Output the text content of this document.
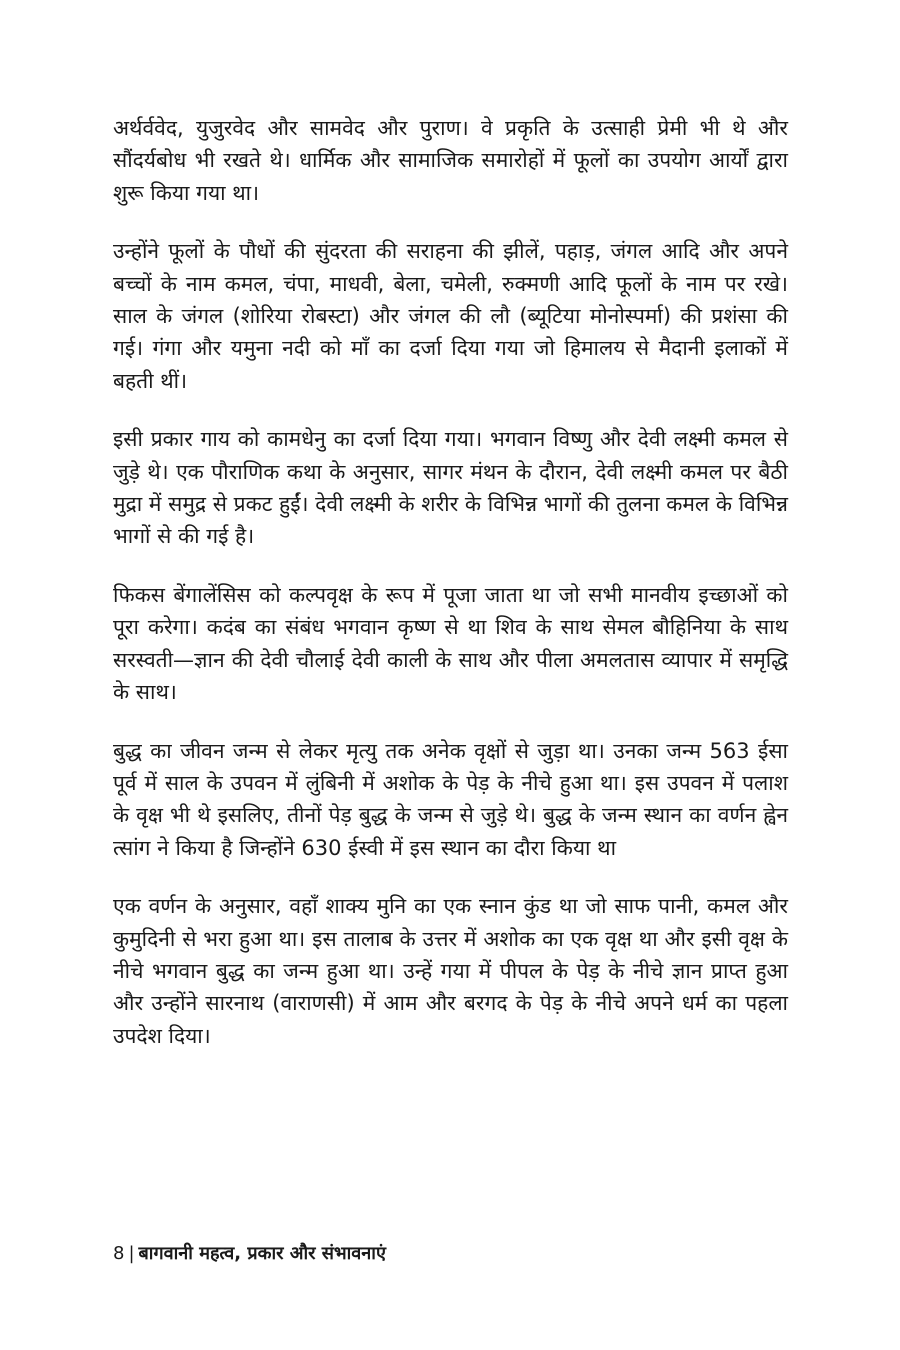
अर्थर्ववेद, युजुरवेद और सामवेद और पुराण। वे प्रकृति के उत्साही प्रेमी भी थे और सौंदर्यबोध भी रखते थे। धार्मिक और सामाजिक समारोहों में फूलों का उपयोग आर्यों द्वारा शुरू किया गया था।

उन्होंने फूलों के पौधों की सुंदरता की सराहना की झीलें, पहाड़, जंगल आदि और अपने बच्चों के नाम कमल, चंपा, माधवी, बेला, चमेली, रुक्मणी आदि फूलों के नाम पर रखे। साल के जंगल (शोरिया रोबस्टा) और जंगल की लौ (ब्यूटिया मोनोस्पर्मा) की प्रशंसा की गई। गंगा और यमुना नदी को माँ का दर्जा दिया गया जो हिमालय से मैदानी इलाकों में बहती थीं।

इसी प्रकार गाय को कामधेनु का दर्जा दिया गया। भगवान विष्णु और देवी लक्ष्मी कमल से जुड़े थे। एक पौराणिक कथा के अनुसार, सागर मंथन के दौरान, देवी लक्ष्मी कमल पर बैठी मुद्रा में समुद्र से प्रकट हुईं। देवी लक्ष्मी के शरीर के विभिन्न भागों की तुलना कमल के विभिन्न भागों से की गई है।

फिकस बेंगालेंसिस को कल्पवृक्ष के रूप में पूजा जाता था जो सभी मानवीय इच्छाओं को पूरा करेगा। कदंब का संबंध भगवान कृष्ण से था शिव के साथ सेमल बौहिनिया के साथ सरस्वती—ज्ञान की देवी चौलाई देवी काली के साथ और पीला अमलतास व्यापार में समृद्धि के साथ।

बुद्ध का जीवन जन्म से लेकर मृत्यु तक अनेक वृक्षों से जुड़ा था। उनका जन्म 563 ईसा पूर्व में साल के उपवन में लुंबिनी में अशोक के पेड़ के नीचे हुआ था। इस उपवन में पलाश के वृक्ष भी थे इसलिए, तीनों पेड़ बुद्ध के जन्म से जुड़े थे। बुद्ध के जन्म स्थान का वर्णन ह्वेन त्सांग ने किया है जिन्होंने 630 ईस्वी में इस स्थान का दौरा किया था

एक वर्णन के अनुसार, वहाँ शाक्य मुनि का एक स्नान कुंड था जो साफ पानी, कमल और कुमुदिनी से भरा हुआ था। इस तालाब के उत्तर में अशोक का एक वृक्ष था और इसी वृक्ष के नीचे भगवान बुद्ध का जन्म हुआ था। उन्हें गया में पीपल के पेड़ के नीचे ज्ञान प्राप्त हुआ और उन्होंने सारनाथ (वाराणसी) में आम और बरगद के पेड़ के नीचे अपने धर्म का पहला उपदेश दिया।

8 | बागवानी महत्व, प्रकार और संभावनाएं
